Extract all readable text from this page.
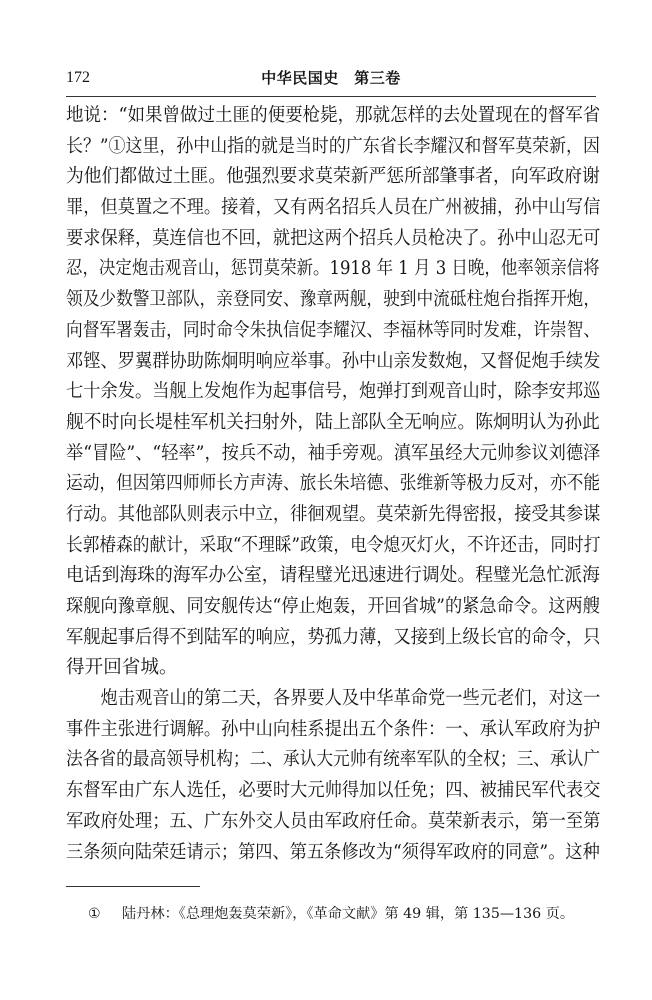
172	中华民国史　第三卷
地说：“如果曾做过土匪的便要枪毙，那就怎样的去处置现在的督军省
长？”①这里，孙中山指的就是当时的广东省长李耀汉和督军莫荣新，因
为他们都做过土匪。他强烈要求莫荣新严惩所部肇事者，向军政府谢
罪，但莫置之不理。接着，又有两名招兵人员在广州被捕，孙中山写信
要求保释，莫连信也不回，就把这两个招兵人员枪决了。孙中山忍无可
忍，决定炮击观音山，惩罚莫荣新。1918 年 1 月 3 日晚，他率领亲信将
领及少数警卫部队，亲登同安、豫章两舰，驶到中流砥柱炮台指挥开炮，
向督军署轰击，同时命令朱执信促李耀汉、李福林等同时发难，许崇智、
邓铿、罗翼群协助陈炯明响应举事。孙中山亲发数炮，又督促炮手续发
七十余发。当舰上发炮作为起事信号，炮弹打到观音山时，除李安邦巡
舰不时向长堤桂军机关扫射外，陆上部队全无响应。陈炯明认为孙此
举“冒险”、“轻率”，按兵不动，袖手旁观。滇军虽经大元帅参议刘德泽
运动，但因第四师师长方声涛、旅长朱培德、张维新等极力反对，亦不能
行动。其他部队则表示中立，徘徊观望。莫荣新先得密报，接受其参谋
长郭椿森的献计，采取“不理睬”政策，电令熄灭灯火，不许还击，同时打
电话到海珠的海军办公室，请程璧光迅速进行调处。程璧光急忙派海
琛舰向豫章舰、同安舰传达“停止炮轰，开回省城”的紧急命令。这两艘
军舰起事后得不到陆军的响应，势孤力薄，又接到上级长官的命令，只
得开回省城。
　　炮击观音山的第二天，各界要人及中华革命党一些元老们，对这一
事件主张进行调解。孙中山向桂系提出五个条件：一、承认军政府为护
法各省的最高领导机构；二、承认大元帅有统率军队的全权；三、承认广
东督军由广东人选任，必要时大元帅得加以任免；四、被捕民军代表交
军政府处理；五、广东外交人员由军政府任命。莫荣新表示，第一至第
三条须向陆荣廷请示；第四、第五条修改为“须得军政府的同意”。这种
① 陆丹林：《总理炮轰莫荣新》，《革命文献》第 49 辑，第 135—136 页。
